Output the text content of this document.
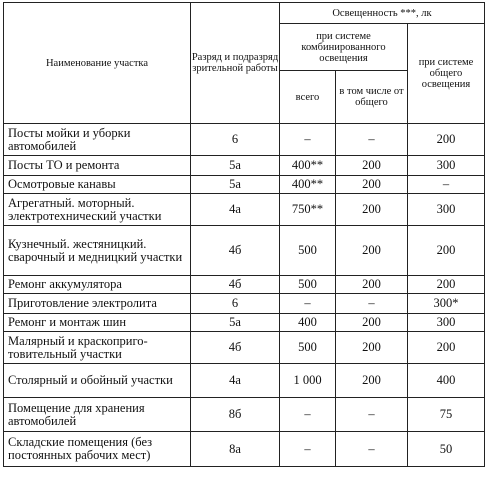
Наименование участка	Разряд и подразряд зрительной работы	Освещенность ***, лк		
		при системе комбинированного освещения		при системе общего освещения
		всего	в том числе от общего	
Посты мойки и уборки автомобилей	6	–	–	200
Посты ТО и ремонта	5а	400**	200	300
Осмотровые канавы	5а	400**	200	–
Агрегатный. моторный. электротехнический участки	4а	750**	200	300
Кузнечный. жестяницкий. сварочный и медницкий участки	4б	500	200	200
Ремонг аккумулятора	4б	500	200	200
Приготовление электролита	6	–	–	300*
Ремонг и монтаж шин	5а	400	200	300
Малярный и краскоприго-товительный участки	4б	500	200	200
Столярный и обойный участки	4а	1 000	200	400
Помещение для хранения автомобилей	8б	–	–	75
Складские помещения (без постоянных рабочих мест)	8а	–	–	50
